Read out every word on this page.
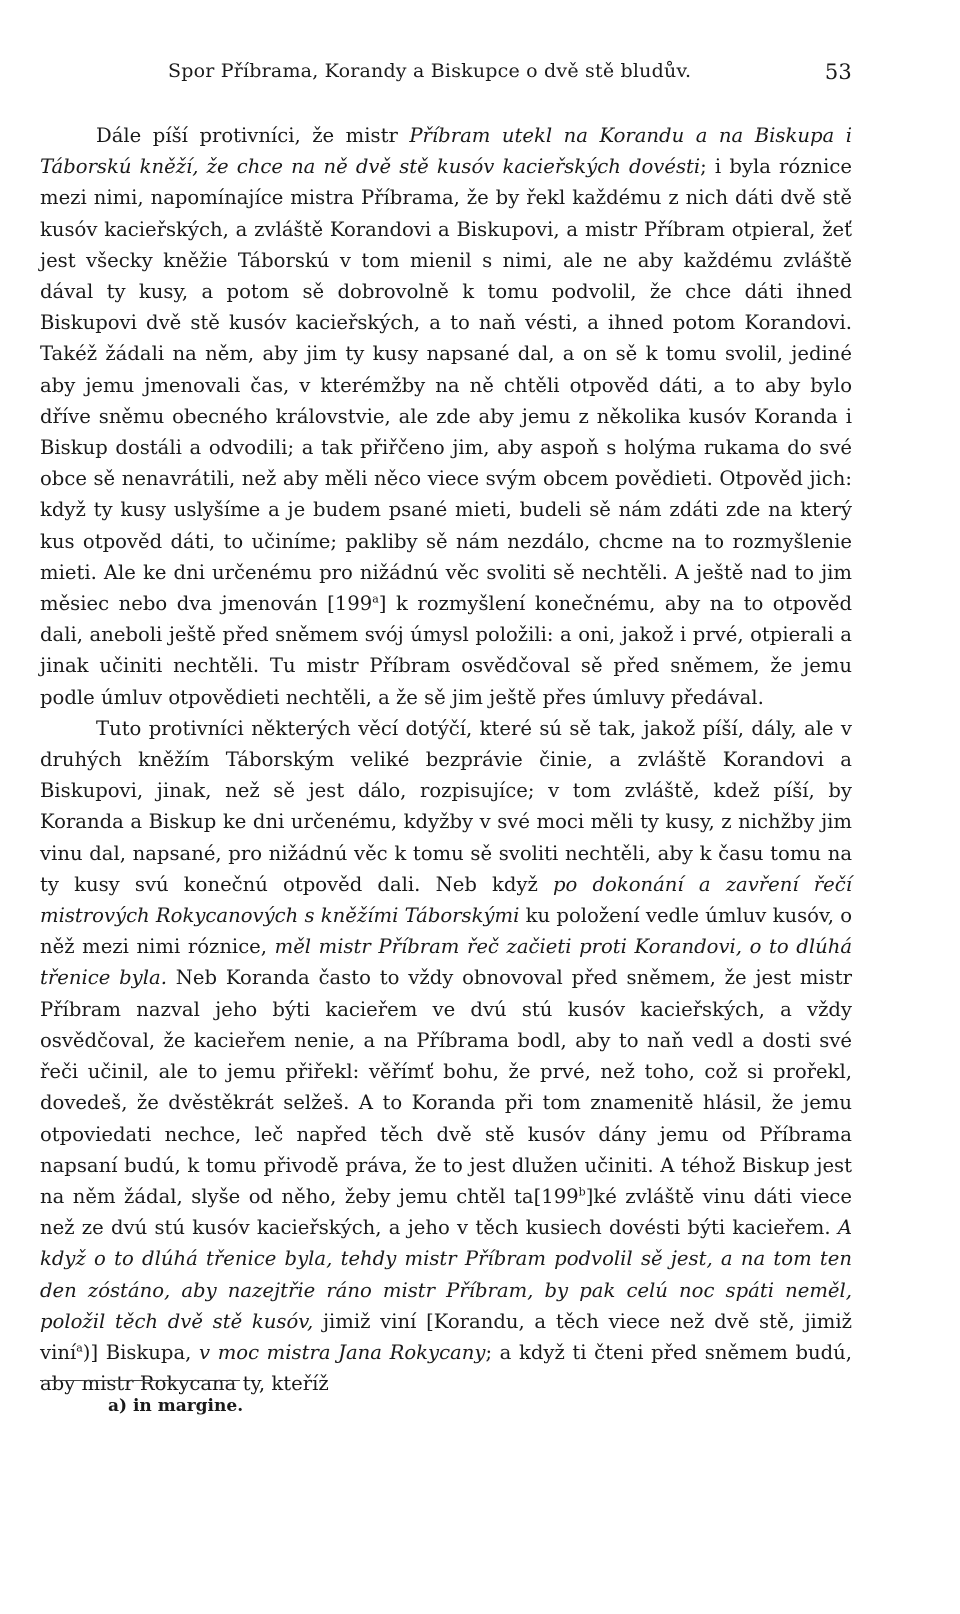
Spor Příbrama, Korandy a Biskupce o dvě stě bludův.	53

Dále píší protivníci, že mistr Příbram utekl na Korandu a na Biskupa i Táborskú kněží, že chce na ně dvě stě kusóv kacieřských dovésti; i byla róznice mezi nimi, napomínajíce mistra Příbrama, že by řekl každému z nich dáti dvě stě kusóv kacieřských, a zvláště Korandovi a Biskupovi, a mistr Příbram otpieral, žeť jest všecky kněžie Táborskú v tom mienil s nimi, ale ne aby každému zvláště dával ty kusy, a potom sě dobrovolně k tomu podvolil, že chce dáti ihned Biskupovi dvě stě kusóv kacieřských, a to naň vésti, a ihned potom Korandovi. Takéž žádali na něm, aby jim ty kusy napsané dal, a on sě k tomu svolil, jediné aby jemu jmenovali čas, v kterémžby na ně chtěli otpověd dáti, a to aby bylo dříve sněmu obecného královstvie, ale zde aby jemu z několika kusóv Koranda i Biskup dostáli a odvodili; a tak přiřčeno jim, aby aspoň s holýma rukama do své obce sě nenavrátili, než aby měli něco viece svým obcem povědieti. Otpověd jich: když ty kusy uslyšíme a je budem psané mieti, budeli sě nám zdáti zde na který kus otpověd dáti, to učiníme; pakliby sě nám nezdálo, chcme na to rozmyšlenie mieti. Ale ke dni určenému pro nižádnú věc svoliti sě nechtěli. A ještě nad to jim měsiec nebo dva jmenován [199$^a$] k rozmyšlení konečnému, aby na to otpověd dali, aneboli ještě před sněmem svój úmysl položili: a oni, jakož i prvé, otpierali a jinak učiniti nechtěli. Tu mistr Příbram osvědčoval sě před sněmem, že jemu podle úmluv otpovědieti nechtěli, a že sě jim ještě přes úmluvy předával.

Tuto protivníci některých věcí dotýčí, které sú sě tak, jakož píší, dály, ale v druhých kněžím Táborským veliké bezprávie činie, a zvláště Korandovi a Biskupovi, jinak, než sě jest dálo, rozpisujíce; v tom zvláště, kdež píší, by Koranda a Biskup ke dni určenému, kdyžby v své moci měli ty kusy, z nichžby jim vinu dal, napsané, pro nižádnú věc k tomu sě svoliti nechtěli, aby k času tomu na ty kusy svú konečnú otpověd dali. Neb když po dokonání a zavření řečí mistrových Rokycanových s kněžími Táborskými ku položení vedle úmluv kusóv, o něž mezi nimi róznice, měl mistr Příbram řeč začieti proti Korandovi, o to dlúhá třenice byla. Neb Koranda často to vždy obnovoval před sněmem, že jest mistr Příbram nazval jeho býti kacieřem ve dvú stú kusóv kacieřských, a vždy osvědčoval, že kacieřem nenie, a na Příbrama bodl, aby to naň vedl a dosti své řeči učinil, ale to jemu přiřekl: věřímť bohu, že prvé, než toho, což si prořekl, dovedeš, že dvěstěkrát selžeš. A to Koranda při tom znamenitě hlásil, že jemu otpoviedati nechce, leč napřed těch dvě stě kusóv dány jemu od Příbrama napsaní budú, k tomu přivodě práva, že to jest dlužen učiniti. A téhož Biskup jest na něm žádal, slyše od něho, žeby jemu chtěl ta[199$^b$]ké zvláště vinu dáti viece než ze dvú stú kusóv kacieřských, a jeho v těch kusiech dovésti býti kacieřem. A když o to dlúhá třenice byla, tehdy mistr Příbram podvolil sě jest, a na tom ten den zóstáno, aby nazejtřie ráno mistr Příbram, by pak celú noc spáti neměl, položil těch dvě stě kusóv, jimiž viní [Korandu, a těch viece než dvě stě, jimiž viní$^a$)] Biskupa, v moc mistra Jana Rokycany; a když ti čteni před sněmem budú, aby mistr Rokycana ty, kteříž

a) in margine.
